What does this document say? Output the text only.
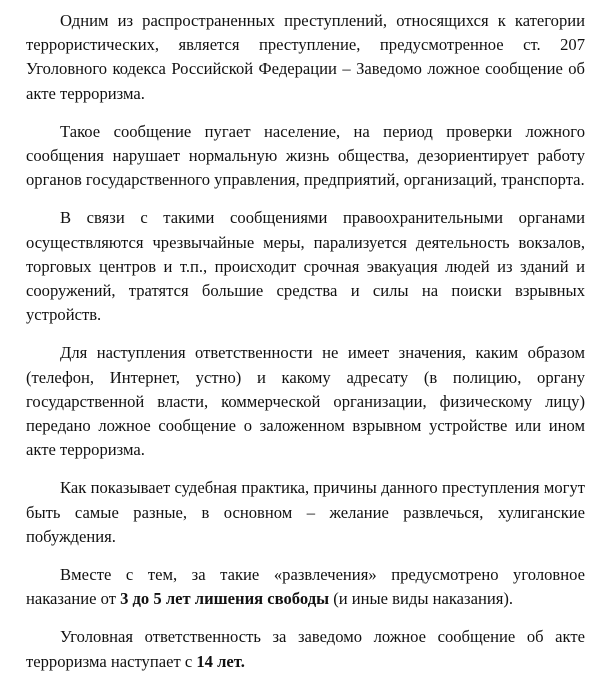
Одним из распространенных преступлений, относящихся к категории террористических, является преступление, предусмотренное ст. 207 Уголовного кодекса Российской Федерации – Заведомо ложное сообщение об акте терроризма.

Такое сообщение пугает население, на период проверки ложного сообщения нарушает нормальную жизнь общества, дезориентирует работу органов государственного управления, предприятий, организаций, транспорта.

В связи с такими сообщениями правоохранительными органами осуществляются чрезвычайные меры, парализуется деятельность вокзалов, торговых центров и т.п., происходит срочная эвакуация людей из зданий и сооружений, тратятся большие средства и силы на поиски взрывных устройств.

Для наступления ответственности не имеет значения, каким образом (телефон, Интернет, устно) и какому адресату (в полицию, органу государственной власти, коммерческой организации, физическому лицу) передано ложное сообщение о заложенном взрывном устройстве или ином акте терроризма.

Как показывает судебная практика, причины данного преступления могут быть самые разные, в основном – желание развлечься, хулиганские побуждения.

Вместе с тем, за такие «развлечения» предусмотрено уголовное наказание от 3 до 5 лет лишения свободы (и иные виды наказания).

Уголовная ответственность за заведомо ложное сообщение об акте терроризма наступает с 14 лет.
